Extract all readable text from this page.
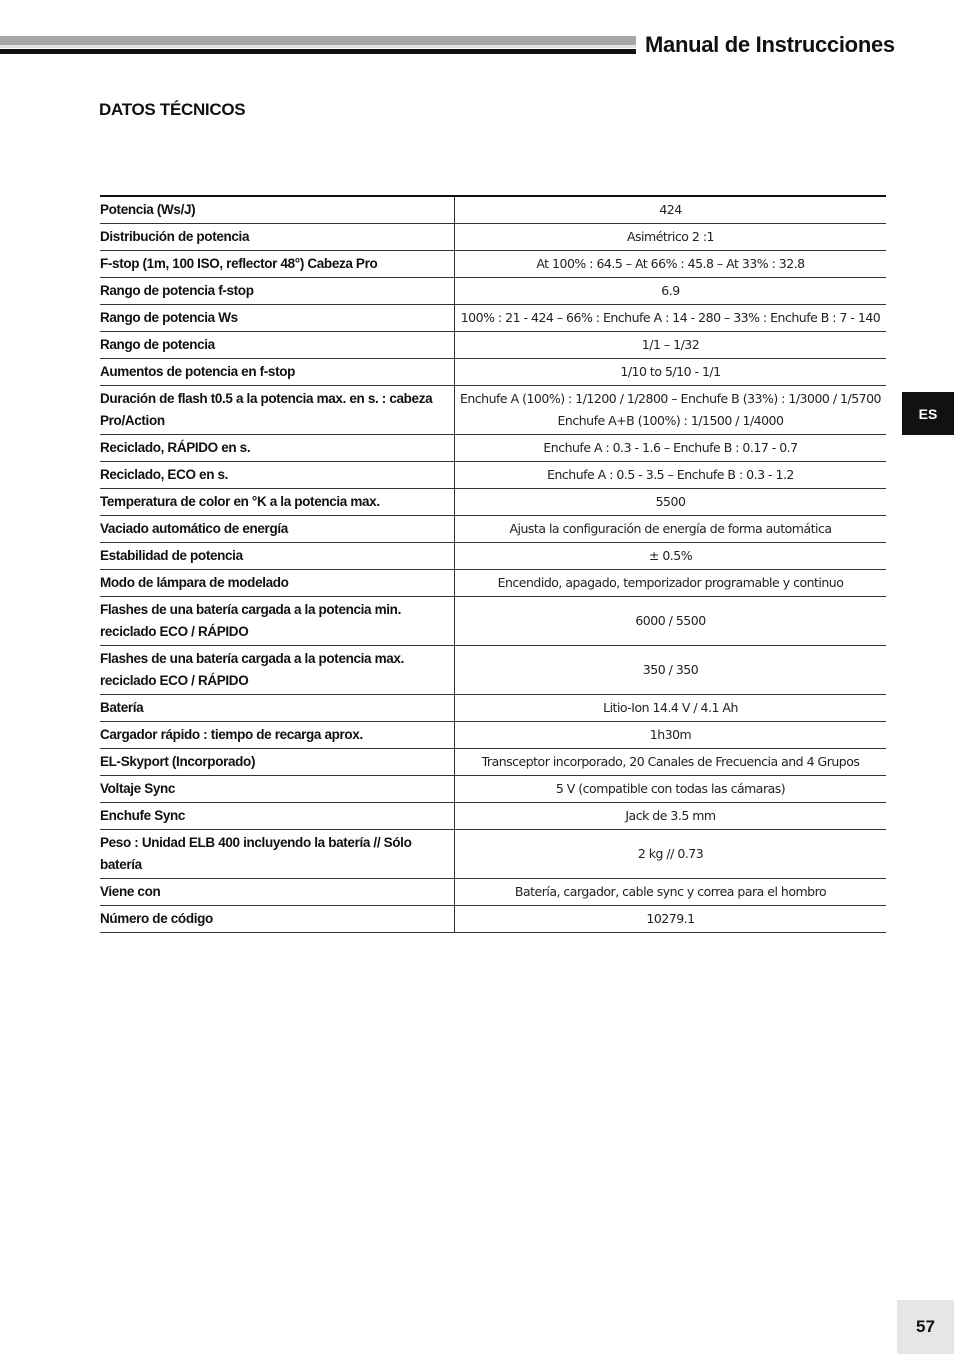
Manual de Instrucciones
DATOS TÉCNICOS
Potencia (Ws/J)	424
Distribución de potencia	Asimétrico 2 :1
F-stop (1m, 100 ISO, reflector 48°) Cabeza Pro	At 100% : 64.5 – At 66% : 45.8 – At 33% : 32.8
Rango de potencia f-stop	6.9
Rango de potencia Ws	100% : 21 - 424 – 66% : Enchufe A : 14 - 280 – 33% : Enchufe B : 7 - 140
Rango de potencia	1/1 – 1/32
Aumentos de potencia en f-stop	1/10 to 5/10 - 1/1
Duración de flash t0.5 a la potencia max. en s. : cabeza Pro/Action	Enchufe A (100%) : 1/1200 / 1/2800 – Enchufe B (33%) : 1/3000 / 1/5700 Enchufe A+B (100%) : 1/1500 / 1/4000
Reciclado, RÁPIDO en s.	Enchufe A : 0.3 - 1.6 – Enchufe B : 0.17 - 0.7
Reciclado, ECO en s.	Enchufe A : 0.5 - 3.5 – Enchufe B : 0.3 - 1.2
Temperatura de color en °K a la potencia max.	5500
Vaciado automático de energía	Ajusta la configuración de energía de forma automática
Estabilidad de potencia	± 0.5%
Modo de lámpara de modelado	Encendido, apagado, temporizador programable y continuo
Flashes de una batería cargada a la potencia min. reciclado ECO / RÁPIDO	6000 / 5500
Flashes de una batería cargada a la potencia max. reciclado ECO / RÁPIDO	350 / 350
Batería	Litio-Ion 14.4 V / 4.1 Ah
Cargador rápido : tiempo de recarga aprox.	1h30m
EL-Skyport (Incorporado)	Transceptor incorporado, 20 Canales de Frecuencia and 4 Grupos
Voltaje Sync	5 V (compatible con todas las cámaras)
Enchufe Sync	Jack de 3.5 mm
Peso : Unidad ELB 400 incluyendo la batería // Sólo batería	2 kg // 0.73
Viene con	Batería, cargador, cable sync y correa para el hombro
Número de código	10279.1
ES
57
